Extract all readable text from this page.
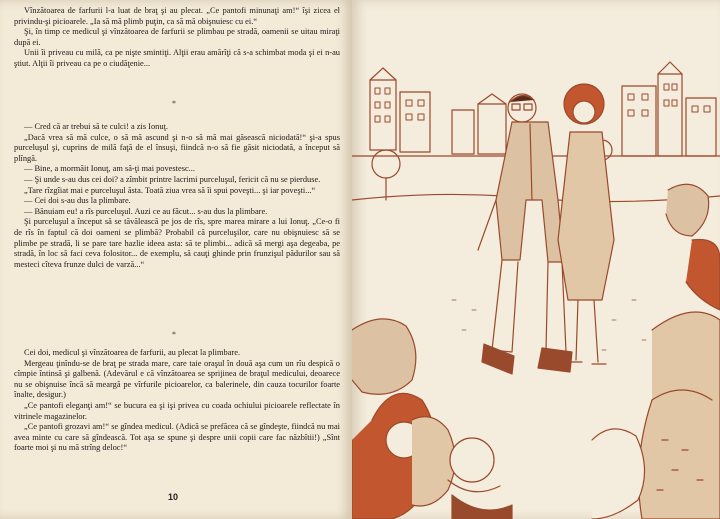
Vînzătoarea de farfurii l-a luat de braţ şi au plecat. „Ce pantofi minunaţi am!“ îşi zicea el privindu-şi picioarele. „Ia să mă plimb puţin, ca să mă obişnuiesc cu ei.“

Şi, în timp ce medicul şi vînzătoarea de farfurii se plimbau pe stradă, oamenii se uitau miraţi după ei.

Unii îi priveau cu milă, ca pe nişte smintiţi. Alţii erau amărîţi că s-a schimbat moda şi ei n-au ştiut. Alţii îi priveau ca pe o ciudăţenie...

*

— Cred că ar trebui să te culci! a zis Ionuţ.

„Dacă vrea să mă culce, o să mă ascund şi n-o să mă mai găsească niciodată!“ şi-a spus purceluşul şi, cuprins de milă faţă de el însuşi, fiindcă n-o să fie găsit niciodată, a început să plîngă.

— Bine, a mormăit Ionuţ, am să-ţi mai povestesc...

— Şi unde s-au dus cei doi? a zîmbit printre lacrimi purceluşul, fericit că nu se pierduse.

„Tare rîzgîiat mai e purceluşul ăsta. Toată ziua vrea să îi spui poveşti... şi iar poveşti...“

— Cei doi s-au dus la plimbare.

— Bănuiam eu! a rîs purceluşul. Auzi ce au făcut... s-au dus la plimbare.

Şi purceluşul a început să se tăvălească pe jos de rîs, spre marea mirare a lui Ionuţ. „Ce-o fi de rîs în faptul că doi oameni se plimbă? Probabil că purceluşilor, care nu obişnuiesc să se plimbe pe stradă, li se pare tare hazlie ideea asta: să te plimbi... adică să mergi aşa degeaba, pe stradă, în loc să faci ceva folositor... de exemplu, să cauţi ghinde prin frunzişul pădurilor sau să mesteci cîteva frunze dulci de varză...“

*

Cei doi, medicul şi vînzătoarea de farfurii, au plecat la plimbare.

Mergeau ţinîndu-se de braţ pe strada mare, care taie oraşul în două aşa cum un rîu despică o cîmpie întinsă şi galbenă. (Adevărul e că vînzătoarea se sprijinea de braţul medicului, deoarece nu se obişnuise încă să meargă pe vîrfurile picioarelor, ca balerinele, din cauza tocurilor foarte înalte, desigur.)

„Ce pantofi eleganţi am!“ se bucura ea şi işi privea cu coada ochiului picioarele reflectate în vitrinele magazinelor.

„Ce pantofi grozavi am!“ se gîndea medicul. (Adică se prefăcea că se gîndeşte, fiindcă nu mai avea minte cu care să gîndească. Tot aşa se spune şi despre unii copii care fac năzbîtii!) „Sînt foarte moi şi nu mă strîng deloc!“

10
